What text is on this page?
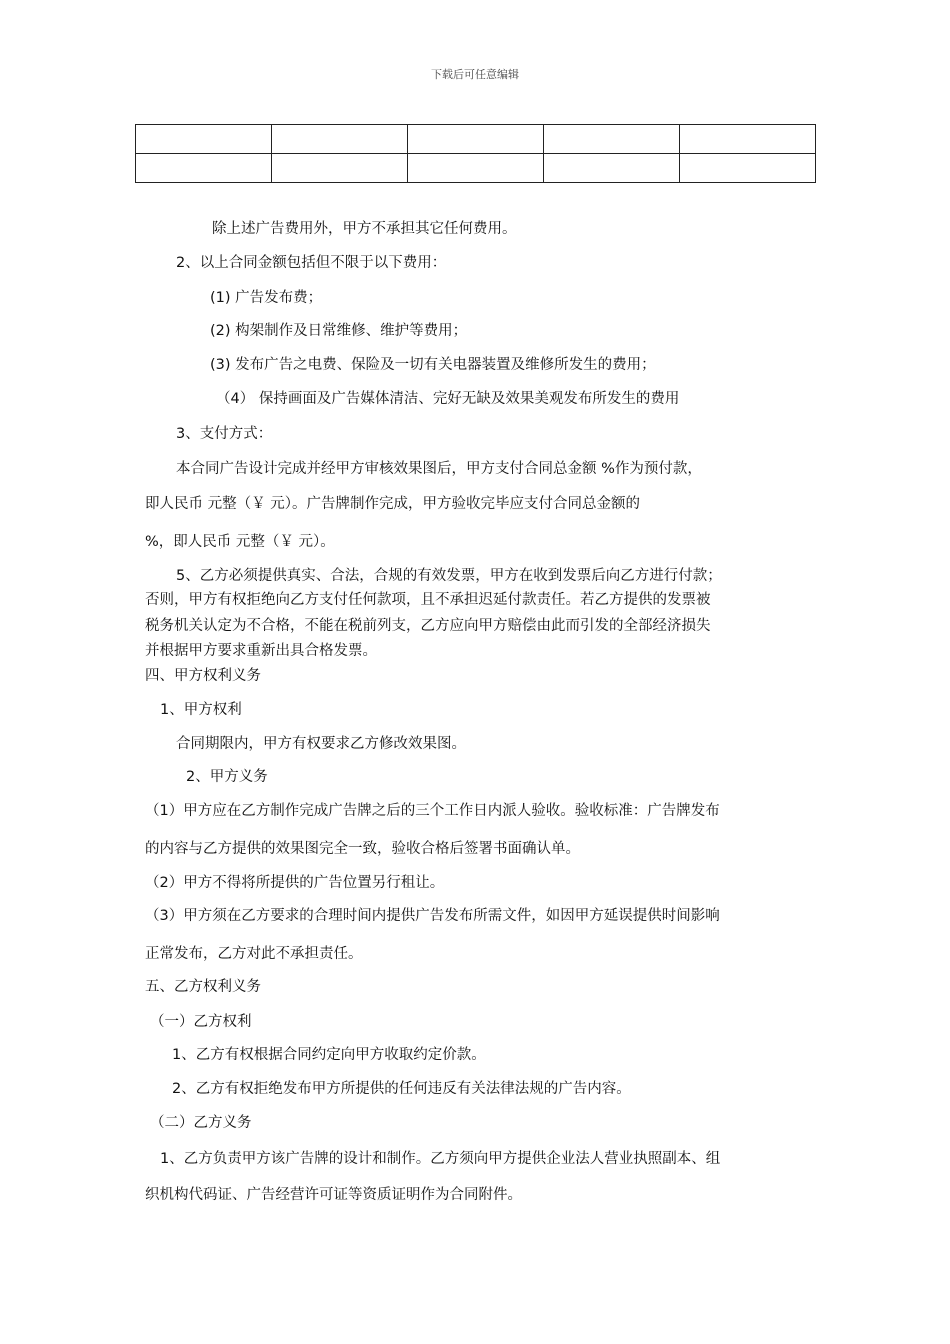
下载后可任意编辑

除上述广告费用外，甲方不承担其它任何费用。
2、以上合同金额包括但不限于以下费用：
(1) 广告发布费；
(2) 构架制作及日常维修、维护等费用；
(3) 发布广告之电费、保险及一切有关电器装置及维修所发生的费用；
（4） 保持画面及广告媒体清洁、完好无缺及效果美观发布所发生的费用
3、支付方式：
本合同广告设计完成并经甲方审核效果图后，甲方支付合同总金额 %作为预付款，
即人民币 元整（￥ 元）。广告牌制作完成，甲方验收完毕应支付合同总金额的
%，即人民币 元整（￥ 元）。
5、乙方必须提供真实、合法，合规的有效发票，甲方在收到发票后向乙方进行付款；
否则，甲方有权拒绝向乙方支付任何款项，且不承担迟延付款责任。若乙方提供的发票被
税务机关认定为不合格，不能在税前列支，乙方应向甲方赔偿由此而引发的全部经济损失
并根据甲方要求重新出具合格发票。
四、甲方权利义务
1、甲方权利
合同期限内，甲方有权要求乙方修改效果图。
2、甲方义务
（1）甲方应在乙方制作完成广告牌之后的三个工作日内派人验收。验收标准：广告牌发布
的内容与乙方提供的效果图完全一致，验收合格后签署书面确认单。
（2）甲方不得将所提供的广告位置另行租让。
（3）甲方须在乙方要求的合理时间内提供广告发布所需文件，如因甲方延误提供时间影响
正常发布，乙方对此不承担责任。
五、乙方权利义务
（一）乙方权利
1、乙方有权根据合同约定向甲方收取约定价款。
2、乙方有权拒绝发布甲方所提供的任何违反有关法律法规的广告内容。
（二）乙方义务
1、乙方负责甲方该广告牌的设计和制作。乙方须向甲方提供企业法人营业执照副本、组
织机构代码证、广告经营许可证等资质证明作为合同附件。
